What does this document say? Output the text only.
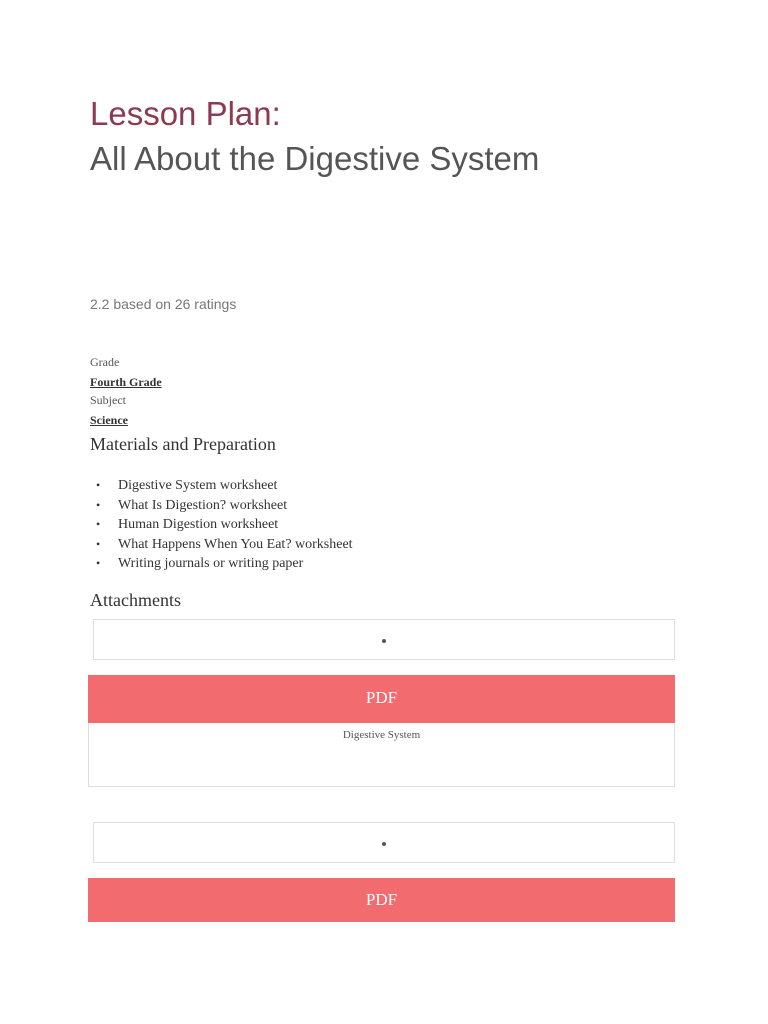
Lesson Plan:
All About the Digestive System
2.2 based on 26 ratings
Grade
Fourth Grade
Subject
Science
Materials and Preparation
• Digestive System worksheet
• What Is Digestion? worksheet
• Human Digestion worksheet
• What Happens When You Eat? worksheet
• Writing journals or writing paper
Attachments
PDF
Digestive System
PDF
